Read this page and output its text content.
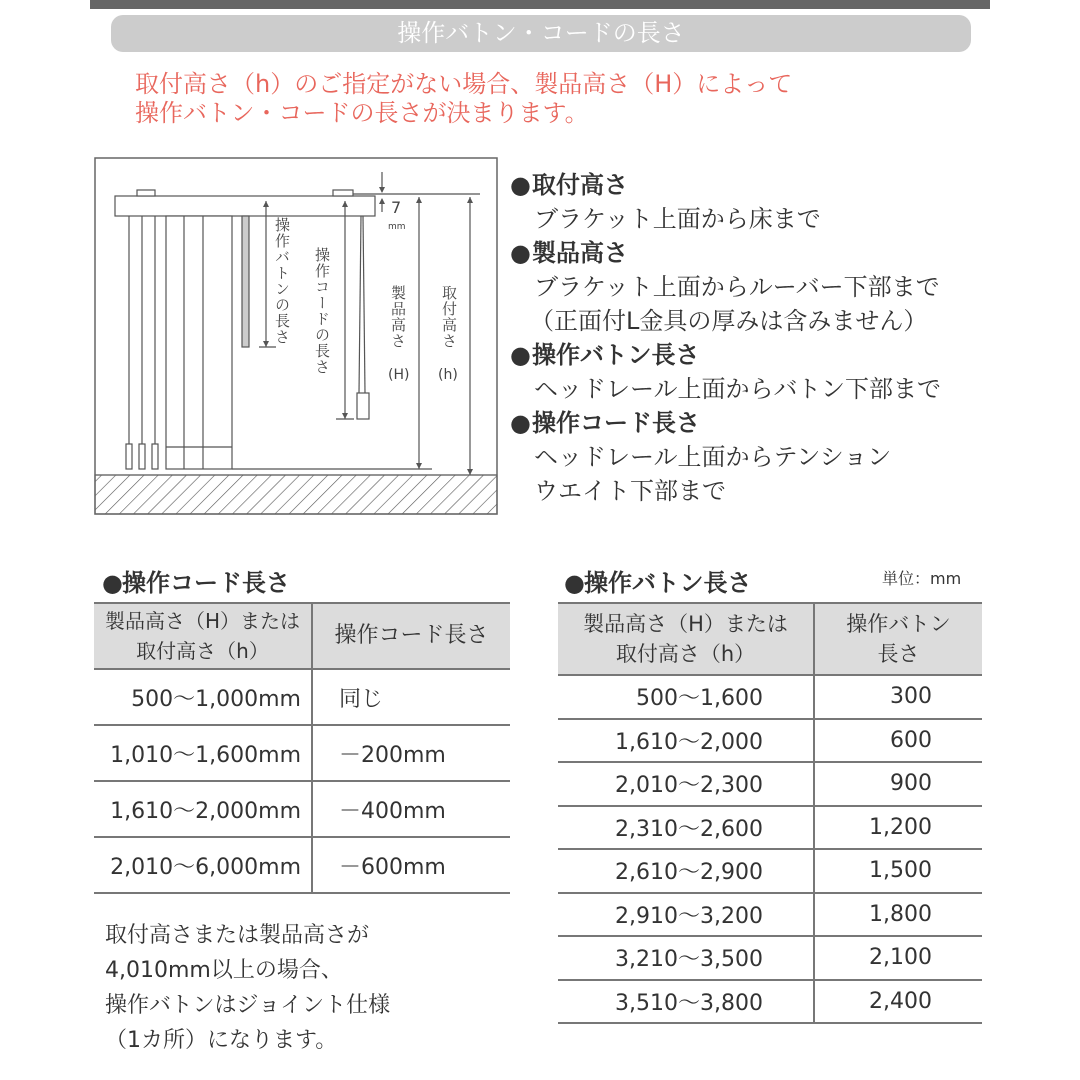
操作バトン・コードの長さ
取付高さ（h）のご指定がない場合、製品高さ（H）によって
操作バトン・コードの長さが決まります。
7
mm
操作バトンの長さ 操作コードの長さ	製品高さ
(H)
取付高さ
(h)
●取付高さ
ブラケット上面から床まで
●製品高さ
ブラケット上面からルーバー下部まで
（正面付L金具の厚みは含みません）
●操作バトン長さ
ヘッドレール上面からバトン下部まで
●操作コード長さ
ヘッドレール上面からテンション
ウエイト下部まで
●操作コード長さ
製品高さ（H）または
取付高さ（h）	操作コード長さ

500〜1,000mm	同じ
1,010〜1,600mm	－200mm
1,610〜2,000mm	－400mm
2,010〜6,000mm	－600mm
●操作バトン長さ	単位：mm
製品高さ（H）または
取付高さ（h）

操作バトン
長さ

500〜1,600	300
1,610〜2,000	600
2,010〜2,300	900
2,310〜2,600	1,200
2,610〜2,900	1,500
2,910〜3,200	1,800
3,210〜3,500	2,100
3,510〜3,800	2,400
取付高さまたは製品高さが
4,010mm以上の場合、
操作バトンはジョイント仕様
（1カ所）になります。
